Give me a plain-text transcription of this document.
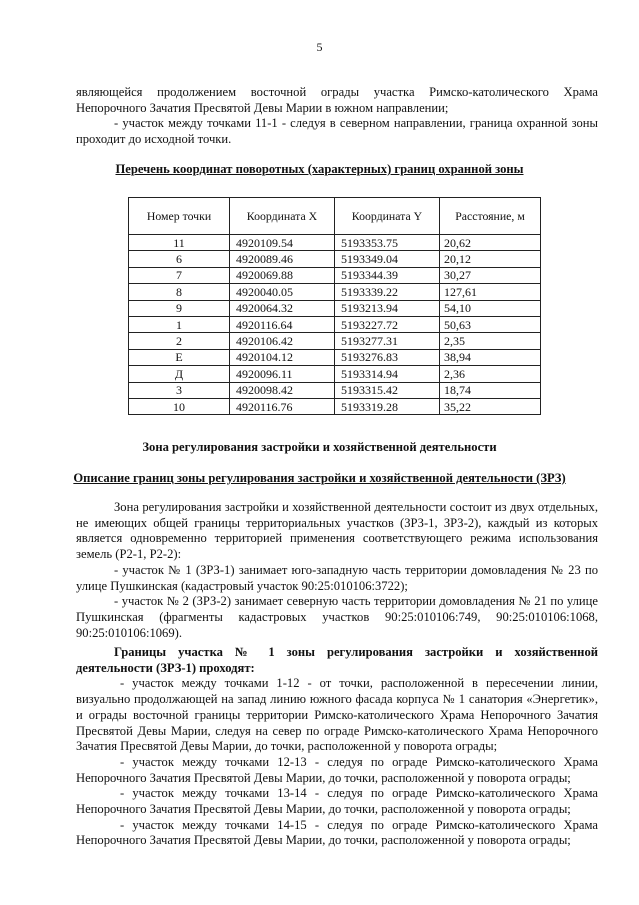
5

являющейся продолжением восточной ограды участка Римско-католического Храма Непорочного Зачатия Пресвятой Девы Марии в южном направлении;

- участок между точками 11-1 - следуя в северном направлении, граница охранной зоны проходит до исходной точки.

Перечень координат поворотных (характерных) границ охранной зоны
Номер точки	Координата X	Координата Y	Расстояние, м
11	4920109.54	5193353.75	20,62
6	4920089.46	5193349.04	20,12
7	4920069.88	5193344.39	30,27
8	4920040.05	5193339.22	127,61
9	4920064.32	5193213.94	54,10
1	4920116.64	5193227.72	50,63
2	4920106.42	5193277.31	2,35
Е	4920104.12	5193276.83	38,94
Д	4920096.11	5193314.94	2,36
3	4920098.42	5193315.42	18,74
10	4920116.76	5193319.28	35,22
Зона регулирования застройки и хозяйственной деятельности
Описание границ зоны регулирования застройки и хозяйственной деятельности (ЗРЗ)

Зона регулирования застройки и хозяйственной деятельности состоит из двух отдельных, не имеющих общей границы территориальных участков (ЗРЗ-1, ЗРЗ-2), каждый из которых является одновременно территорией применения соответствующего режима использования земель (Р2-1, Р2-2):

- участок № 1 (ЗРЗ-1) занимает юго-западную часть территории домовладения № 23 по улице Пушкинская (кадастровый участок 90:25:010106:3722);

- участок № 2 (ЗРЗ-2) занимает северную часть территории домовладения № 21 по улице Пушкинская (фрагменты кадастровых участков 90:25:010106:749, 90:25:010106:1068, 90:25:010106:1069).

Границы участка № 1 зоны регулирования застройки и хозяйственной деятельности (ЗРЗ-1) проходят:

- участок между точками 1-12 - от точки, расположенной в пересечении линии, визуально продолжающей на запад линию южного фасада корпуса № 1 санатория «Энергетик», и ограды восточной границы территории Римско-католического Храма Непорочного Зачатия Пресвятой Девы Марии, следуя на север по ограде Римско-католического Храма Непорочного Зачатия Пресвятой Девы Марии, до точки, расположенной у поворота ограды;

- участок между точками 12-13 - следуя по ограде Римско-католического Храма Непорочного Зачатия Пресвятой Девы Марии, до точки, расположенной у поворота ограды;

- участок между точками 13-14 - следуя по ограде Римско-католического Храма Непорочного Зачатия Пресвятой Девы Марии, до точки, расположенной у поворота ограды;

- участок между точками 14-15 - следуя по ограде Римско-католического Храма Непорочного Зачатия Пресвятой Девы Марии, до точки, расположенной у поворота ограды;
